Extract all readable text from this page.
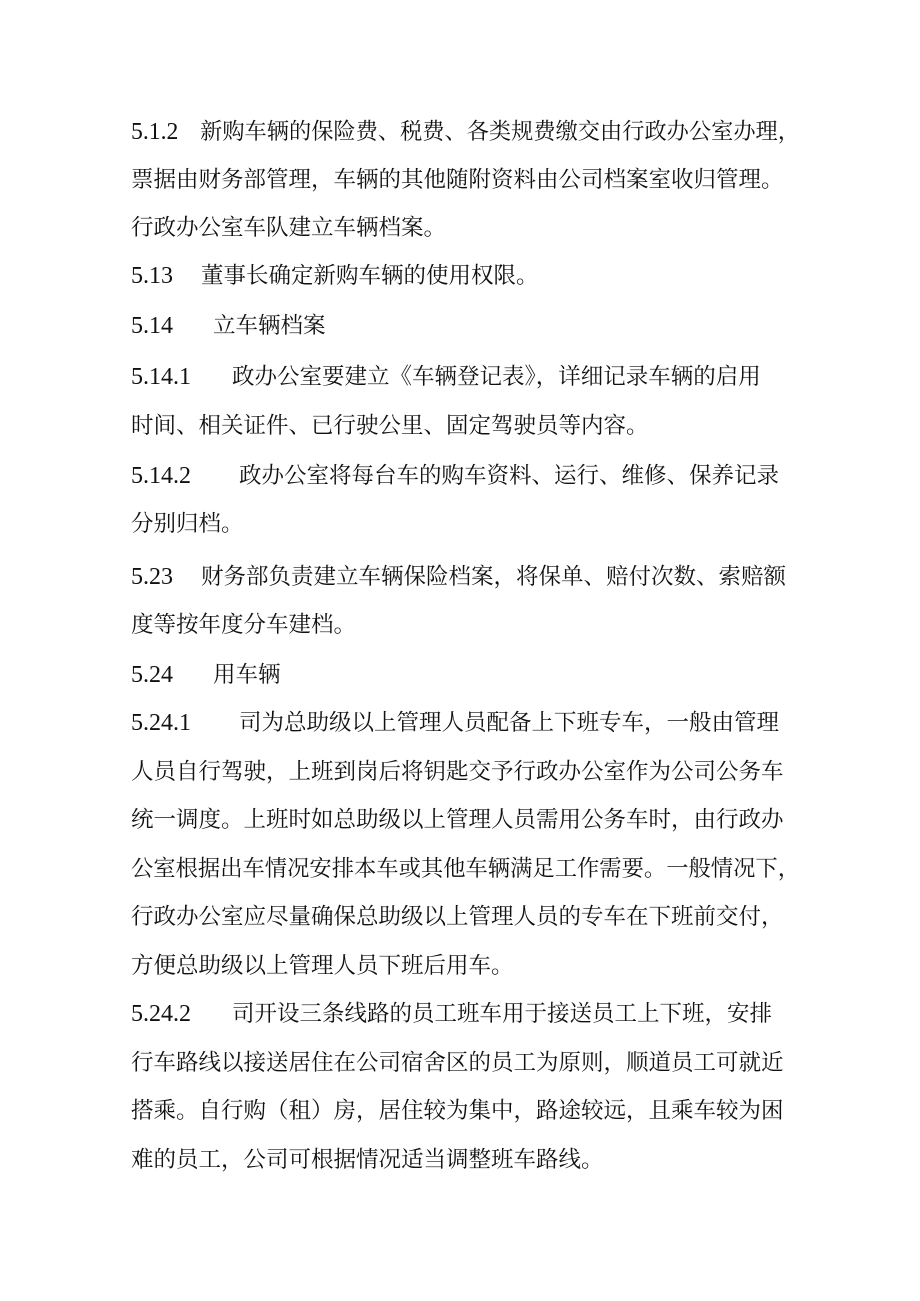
5.1.2 新购车辆的保险费、税费、各类规费缴交由行政办公室办理，
票据由财务部管理，车辆的其他随附资料由公司档案室收归管理。
行政办公室车队建立车辆档案。
5.13 董事长确定新购车辆的使用权限。
5.14 立车辆档案
5.14.1 政办公室要建立《车辆登记表》，详细记录车辆的启用
时间、相关证件、已行驶公里、固定驾驶员等内容。
5.14.2 政办公室将每台车的购车资料、运行、维修、保养记录
分别归档。
5.23 财务部负责建立车辆保险档案，将保单、赔付次数、索赔额
度等按年度分车建档。
5.24 用车辆
5.24.1 司为总助级以上管理人员配备上下班专车，一般由管理
人员自行驾驶，上班到岗后将钥匙交予行政办公室作为公司公务车
统一调度。上班时如总助级以上管理人员需用公务车时，由行政办
公室根据出车情况安排本车或其他车辆满足工作需要。一般情况下，
行政办公室应尽量确保总助级以上管理人员的专车在下班前交付，
方便总助级以上管理人员下班后用车。
5.24.2 司开设三条线路的员工班车用于接送员工上下班，安排
行车路线以接送居住在公司宿舍区的员工为原则，顺道员工可就近
搭乘。自行购（租）房，居住较为集中，路途较远，且乘车较为困
难的员工，公司可根据情况适当调整班车路线。
